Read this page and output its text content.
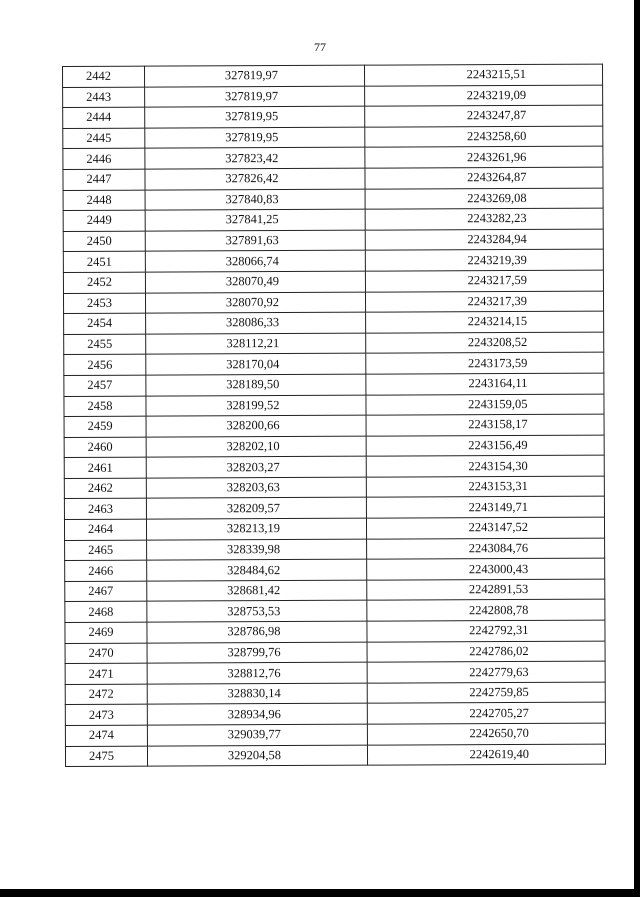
77
2442	327819,97	2243215,51
2443	327819,97	2243219,09
2444	327819,95	2243247,87
2445	327819,95	2243258,60
2446	327823,42	2243261,96
2447	327826,42	2243264,87
2448	327840,83	2243269,08
2449	327841,25	2243282,23
2450	327891,63	2243284,94
2451	328066,74	2243219,39
2452	328070,49	2243217,59
2453	328070,92	2243217,39
2454	328086,33	2243214,15
2455	328112,21	2243208,52
2456	328170,04	2243173,59
2457	328189,50	2243164,11
2458	328199,52	2243159,05
2459	328200,66	2243158,17
2460	328202,10	2243156,49
2461	328203,27	2243154,30
2462	328203,63	2243153,31
2463	328209,57	2243149,71
2464	328213,19	2243147,52
2465	328339,98	2243084,76
2466	328484,62	2243000,43
2467	328681,42	2242891,53
2468	328753,53	2242808,78
2469	328786,98	2242792,31
2470	328799,76	2242786,02
2471	328812,76	2242779,63
2472	328830,14	2242759,85
2473	328934,96	2242705,27
2474	329039,77	2242650,70
2475	329204,58	2242619,40
